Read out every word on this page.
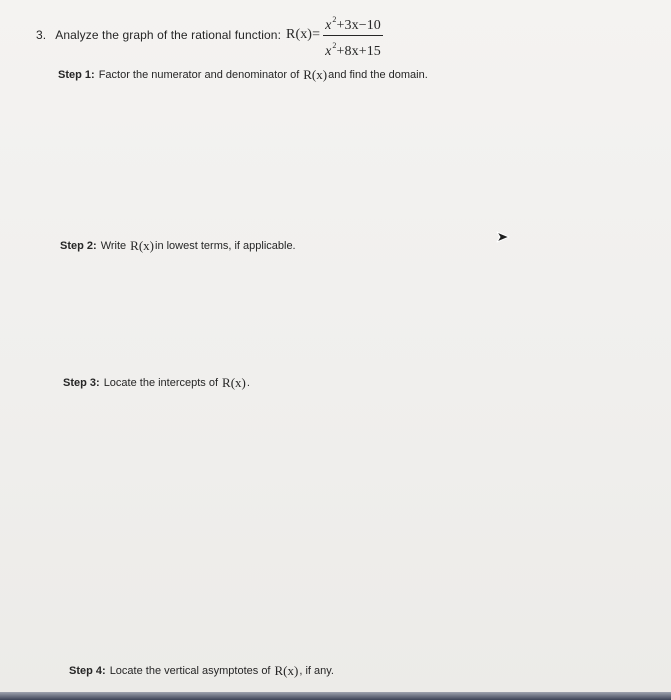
3. Analyze the graph of the rational function: $R(x) = \frac{x^2+3x-10}{x^2+8x+15}$
Step 1: Factor the numerator and denominator of R(x) and find the domain.
Step 2: Write R(x) in lowest terms, if applicable.
Step 3: Locate the intercepts of R(x) .
Step 4: Locate the vertical asymptotes of R(x) , if any.
